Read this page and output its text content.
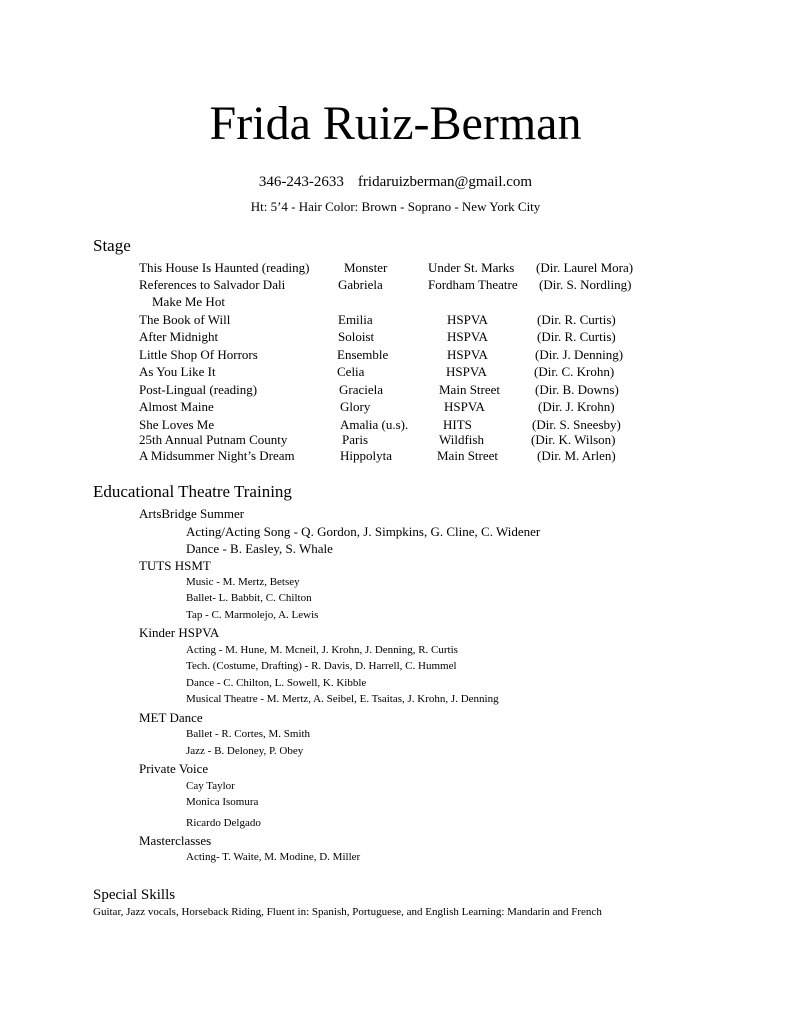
Frida Ruiz-Berman
346-243-2633 fridaruizberman@gmail.com
Ht: 5’4 - Hair Color: Brown - Soprano - New York City
Stage
This House Is Haunted (reading)	Monster	Under St. Marks (Dir. Laurel Mora)
References to Salvador Dali	Gabriela	Fordham Theatre (Dir. S. Nordling)
Make Me Hot
The Book of Will	Emilia	HSPVA	(Dir. R. Curtis)
After Midnight	Soloist	HSPVA	(Dir. R. Curtis)
Little Shop Of Horrors	Ensemble	HSPVA	(Dir. J. Denning)
As You Like It	Celia	HSPVA	(Dir. C. Krohn)
Post-Lingual (reading)	Graciela	Main Street	(Dir. B. Downs)
Almost Maine	Glory	HSPVA	(Dir. J. Krohn)
She Loves Me	Amalia (u.s).	HITS	(Dir. S. Sneesby)
25th Annual Putnam County	Paris	Wildfish	(Dir. K. Wilson)
A Midsummer Night’s Dream	Hippolyta	Main Street	(Dir. M. Arlen)
Educational Theatre Training
ArtsBridge Summer
Acting/Acting Song - Q. Gordon, J. Simpkins, G. Cline, C. Widener
Dance - B. Easley, S. Whale
TUTS HSMT
Music - M. Mertz, Betsey
Ballet- L. Babbit, C. Chilton
Tap - C. Marmolejo, A. Lewis
Kinder HSPVA
Acting - M. Hune, M. Mcneil, J. Krohn, J. Denning, R. Curtis
Tech. (Costume, Drafting) - R. Davis, D. Harrell, C. Hummel
Dance - C. Chilton, L. Sowell, K. Kibble
Musical Theatre - M. Mertz, A. Seibel, E. Tsaitas, J. Krohn, J. Denning
MET Dance
Ballet - R. Cortes, M. Smith
Jazz - B. Deloney, P. Obey
Private Voice
Cay Taylor
Monica Isomura
Ricardo Delgado
Masterclasses
Acting- T. Waite, M. Modine, D. Miller
Special Skills
Guitar, Jazz vocals, Horseback Riding, Fluent in: Spanish, Portuguese, and English Learning: Mandarin and French
